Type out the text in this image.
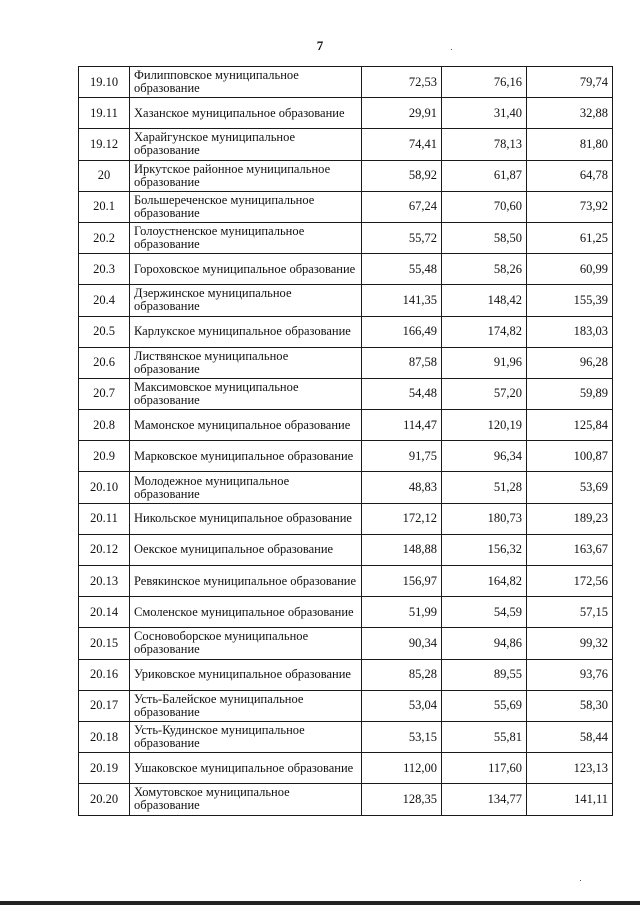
7
19.10	Филипповское муниципальное образование	72,53	76,16	79,74
19.11	Хазанское муниципальное образование	29,91	31,40	32,88
19.12	Харайгунское муниципальное образование	74,41	78,13	81,80
20	Иркутское районное муниципальное образование	58,92	61,87	64,78
20.1	Большереченское муниципальное образование	67,24	70,60	73,92
20.2	Голоустненское муниципальное образование	55,72	58,50	61,25
20.3	Гороховское муниципальное образование	55,48	58,26	60,99
20.4	Дзержинское муниципальное образование	141,35	148,42	155,39
20.5	Карлукское муниципальное образование	166,49	174,82	183,03
20.6	Листвянское муниципальное образование	87,58	91,96	96,28
20.7	Максимовское муниципальное образование	54,48	57,20	59,89
20.8	Мамонское муниципальное образование	114,47	120,19	125,84
20.9	Марковское муниципальное образование	91,75	96,34	100,87
20.10	Молодежное муниципальное образование	48,83	51,28	53,69
20.11	Никольское муниципальное образование	172,12	180,73	189,23
20.12	Оекское муниципальное образование	148,88	156,32	163,67
20.13	Ревякинское муниципальное образование	156,97	164,82	172,56
20.14	Смоленское муниципальное образование	51,99	54,59	57,15
20.15	Сосновоборское муниципальное образование	90,34	94,86	99,32
20.16	Уриковское муниципальное образование	85,28	89,55	93,76
20.17	Усть-Балейское муниципальное образование	53,04	55,69	58,30
20.18	Усть-Кудинское муниципальное образование	53,15	55,81	58,44
20.19	Ушаковское муниципальное образование	112,00	117,60	123,13
20.20	Хомутовское муниципальное образование	128,35	134,77	141,11
